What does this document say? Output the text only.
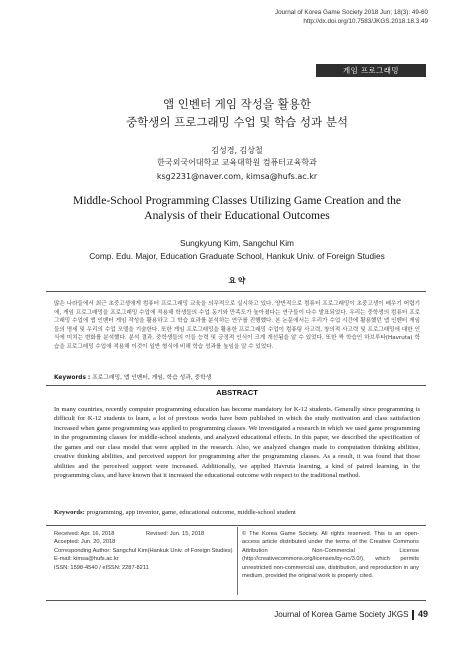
Journal of Korea Game Society 2018 Jun; 18(3): 49-60
http://dx.doi.org/10.7583/JKGS.2018.18.3.49
게임 프로그래밍
앱 인벤터 게임 작성을 활용한
중학생의 프로그래밍 수업 및 학습 성과 분석
김성경, 김상철
한국외국어대학교 교육대학원 컴퓨터교육학과
ksg2231@naver.com, kimsa@hufs.ac.kr
Middle-School Programming Classes Utilizing Game Creation and the
Analysis of their Educational Outcomes
Sungkyung Kim, Sangchul Kim
Comp. Edu. Major, Education Graduate School, Hankuk Univ. of Foreign Studies
요 약
많은 나라들에서 최근 초중고생에게 컴퓨터 프로그래밍 교육을 의무적으로 실시하고 있다. 양반적으로 컴퓨터 프로그래밍이 초중고생이 배우기 어렵기에, 게임 프로그래밍을 프로그래밍 수업에 적용해 학생들의 수업 동기와 만족도가 높아졌다는 연구들이 다수 발표되었다. 우리는 중학생의 컴퓨터 프로그래밍 수업에 앱 인벤터 게임 작성을 활용하고 그 학습 효과를 분석하는 연구를 진행했다. 본 논문에서는 우리가 수업 시간에 활용했던 앱 인벤터 게임들의 명세 및 우리의 수업 모델을 기술한다. 또한 게임 프로그래밍을 활용한 프로그래밍 수업이 컴퓨팅 사고력, 창의적 사고력 및 프로그래밍에 대한 인식에 미치는 변화를 분석했다. 분석 결과, 중학생들의 이들 능력 및 긍정적 인식이 크게 개선됨을 알 수 있었다. 또한 짝 학습인 하브루타(Havruta) 학습을 프로그래밍 수업에 적용해 이것이 일반 형식에 비해 학습 성과를 높임을 알 수 있었다.
Keywords : 프로그래밍, 앱 인벤터, 게임, 학습 성과, 중학생
ABSTRACT
In many countries, recently computer programming education has become mandatory for K-12 students. Generally since programming is difficult for K-12 students to learn, a lot of previous works have been published in which the study motivation and class satisfaction increased when game programming was applied to programming classes. We investigated a research in which we used game programming in the programming classes for middle-school students, and analyzed educational effects. In this paper, we described the specification of the games and our class model that were applied in the research. Also, we analyzed changes made to computation thinking abilities, creative thinking abilities, and perceived support for programming after the programming classes. As a result, it was found that those abilities and the perceived support were increased. Additionally, we applied Havruta learning, a kind of paired learning, in the programming class, and have known that it increased the educational outcome with respect to the traditional method.
Keywords: programming, app inventor, game, educational outcome, middle-school student
Received: Apr. 16, 2018	Revised: Jun. 15, 2018
Accepted: Jun. 20, 2018
Corresponding Author: Sangchul Kim(Hankuk Univ. of Foreign Studies)
E-mail: kimsa@hufs.ac.kr
ISSN: 1598-4540 / eISSN: 2287-8211
© The Korea Game Society. All rights reserved. This is an open-access article distributed under the terms of the Creative Commons Attribution Non-Commercial License (http://creativecommons.org/licenses/by-nc/3.0/), which permits unrestricted non-commercial use, distribution, and reproduction in any medium, provided the original work is properly cited.
Journal of Korea Game Society JKGS 49
